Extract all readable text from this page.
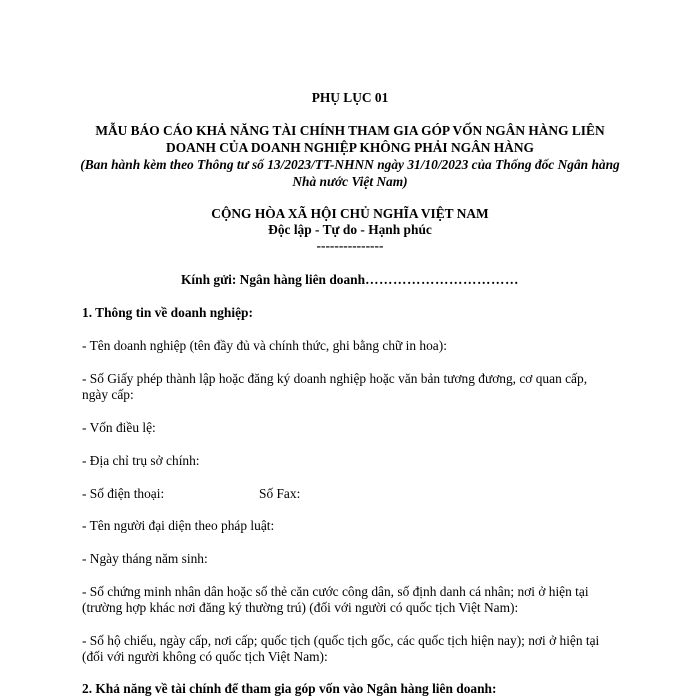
PHỤ LỤC 01
MẪU BÁO CÁO KHẢ NĂNG TÀI CHÍNH THAM GIA GÓP VỐN NGÂN HÀNG LIÊN
DOANH CỦA DOANH NGHIỆP KHÔNG PHẢI NGÂN HÀNG
(Ban hành kèm theo Thông tư số 13/2023/TT-NHNN ngày 31/10/2023 của Thống đốc Ngân hàng
Nhà nước Việt Nam)
CỘNG HÒA XÃ HỘI CHỦ NGHĨA VIỆT NAM
Độc lập - Tự do - Hạnh phúc
---------------
Kính gửi: Ngân hàng liên doanh……………………………
1. Thông tin về doanh nghiệp:
- Tên doanh nghiệp (tên đầy đủ và chính thức, ghi bằng chữ in hoa):
- Số Giấy phép thành lập hoặc đăng ký doanh nghiệp hoặc văn bản tương đương, cơ quan cấp,
ngày cấp:
- Vốn điều lệ:
- Địa chỉ trụ sở chính:
- Số điện thoại:	Số Fax:
- Tên người đại diện theo pháp luật:
- Ngày tháng năm sinh:
- Số chứng minh nhân dân hoặc số thẻ căn cước công dân, số định danh cá nhân; nơi ở hiện tại
(trường hợp khác nơi đăng ký thường trú) (đối với người có quốc tịch Việt Nam):
- Số hộ chiếu, ngày cấp, nơi cấp; quốc tịch (quốc tịch gốc, các quốc tịch hiện nay); nơi ở hiện tại
(đối với người không có quốc tịch Việt Nam):
2. Khả năng về tài chính để tham gia góp vốn vào Ngân hàng liên doanh:
